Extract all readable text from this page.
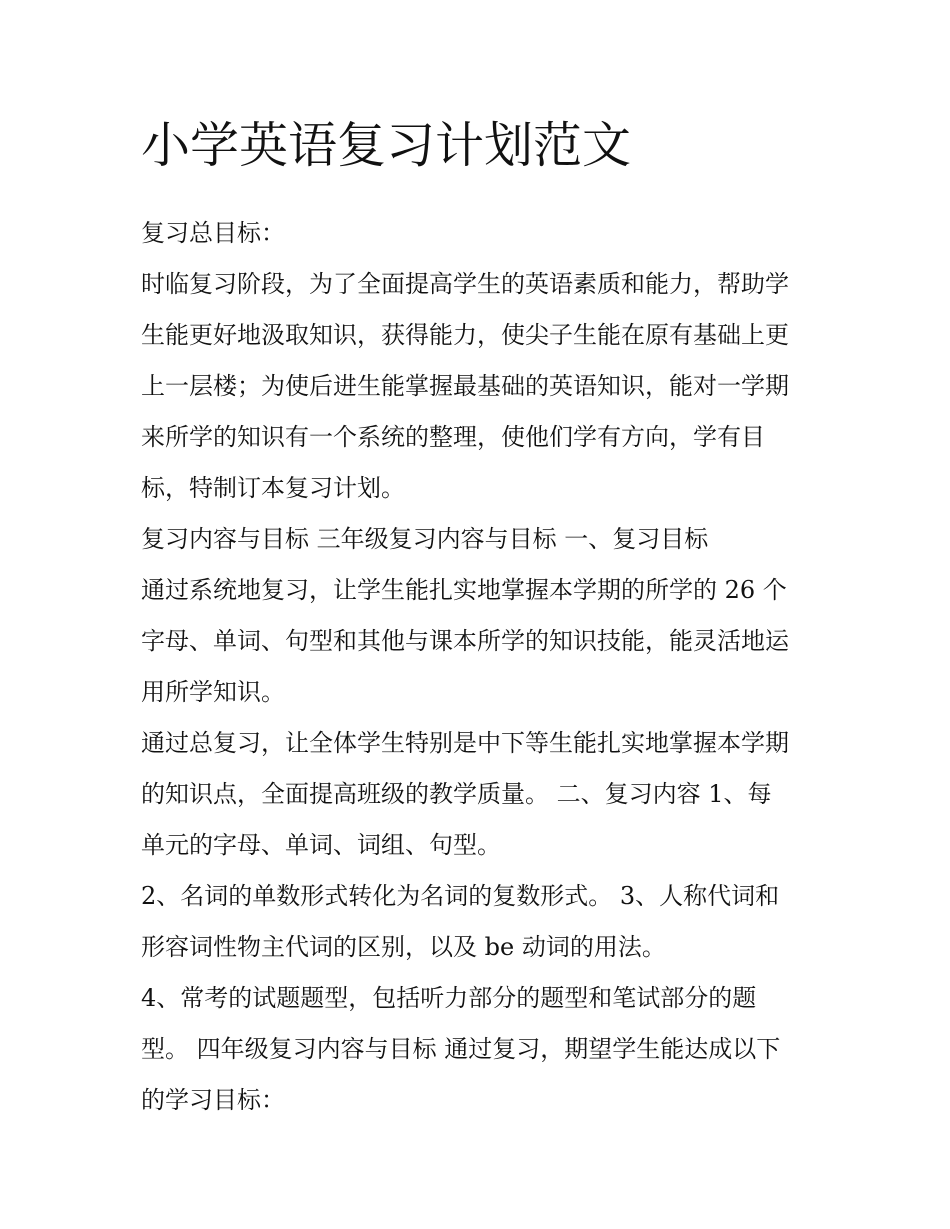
小学英语复习计划范文
复习总目标：
时临复习阶段，为了全面提高学生的英语素质和能力，帮助学
生能更好地汲取知识，获得能力，使尖子生能在原有基础上更
上一层楼；为使后进生能掌握最基础的英语知识，能对一学期
来所学的知识有一个系统的整理，使他们学有方向，学有目
标，特制订本复习计划。
复习内容与目标 三年级复习内容与目标 一、复习目标
通过系统地复习，让学生能扎实地掌握本学期的所学的 26 个
字母、单词、句型和其他与课本所学的知识技能，能灵活地运
用所学知识。
通过总复习，让全体学生特别是中下等生能扎实地掌握本学期
的知识点，全面提高班级的教学质量。 二、复习内容 1、每
单元的字母、单词、词组、句型。
2、名词的单数形式转化为名词的复数形式。 3、人称代词和
形容词性物主代词的区别，以及 be 动词的用法。
4、常考的试题题型，包括听力部分的题型和笔试部分的题
型。 四年级复习内容与目标 通过复习，期望学生能达成以下
的学习目标：
